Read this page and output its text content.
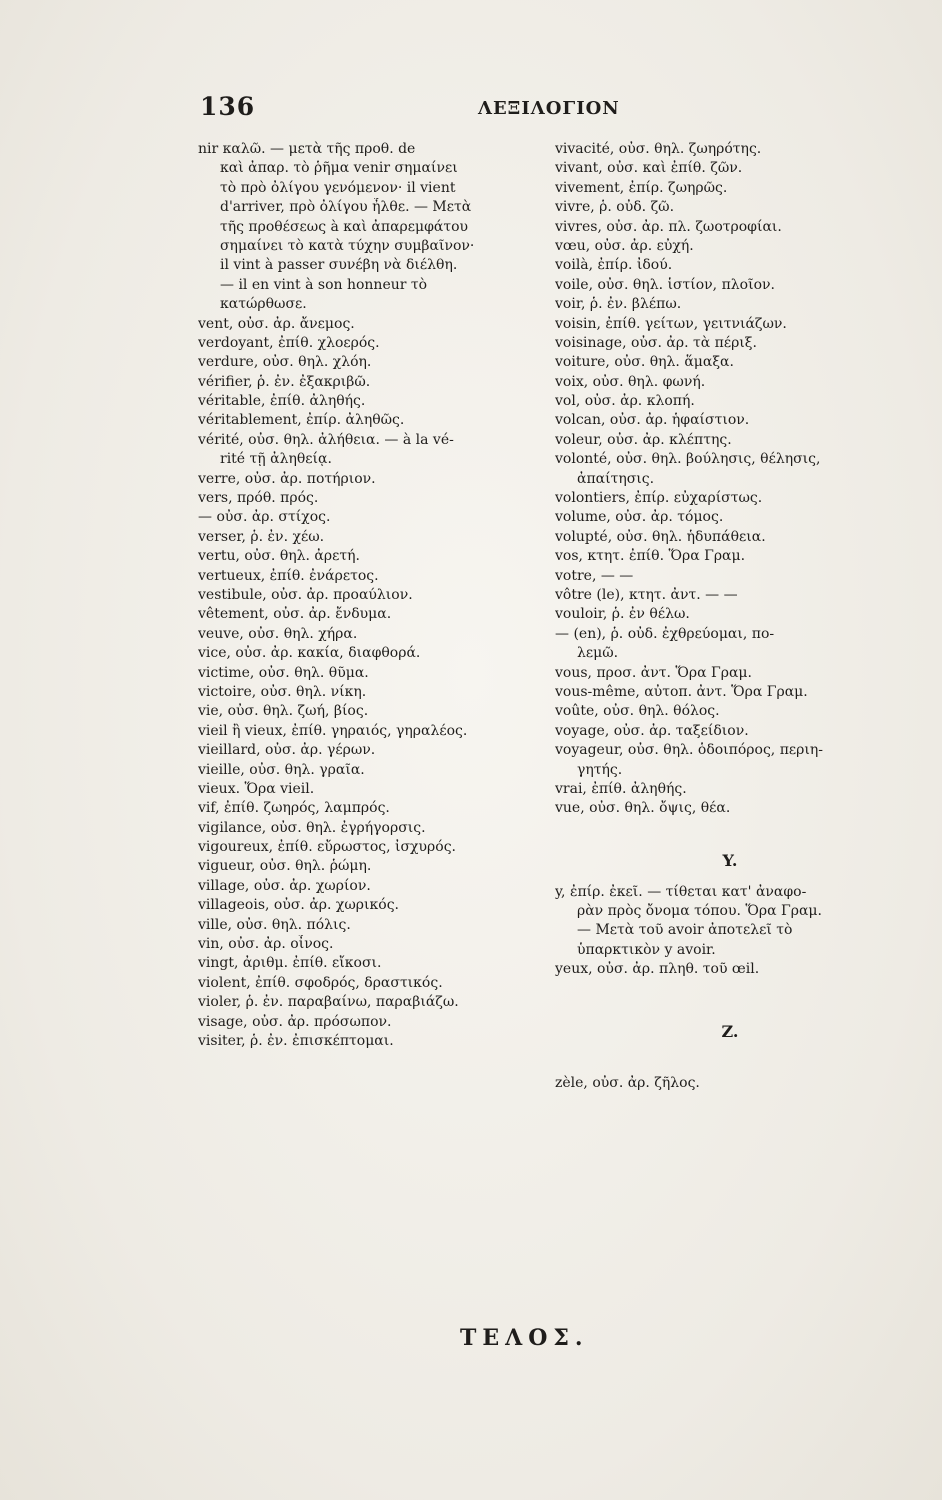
136	ΛΕΞΙΛΟΓΙΟΝ
nir καλῶ. — μετὰ τῆς προθ. de
καὶ ἀπαρ. τὸ ῥῆμα venir σημαίνει
τὸ πρὸ ὀλίγου γενόμενον· il vient
d'arriver, πρὸ ὀλίγου ἦλθε. — Μετὰ
τῆς προθέσεως à καὶ ἀπαρεμφάτου
σημαίνει τὸ κατὰ τύχην συμβαῖνον·
il vint à passer συνέβη νὰ διέλθη.
— il en vint à son honneur τὸ
κατώρθωσε.
vent, οὐσ. ἀρ. ἄνεμος.
verdoyant, ἐπίθ. χλοερός.
verdure, οὐσ. θηλ. χλόη.
vérifier, ῥ. ἐν. ἐξακριβῶ.
véritable, ἐπίθ. ἀληθής.
véritablement, ἐπίρ. ἀληθῶς.
vérité, οὐσ. θηλ. ἀλήθεια. — à la vé-
rité τῇ ἀληθείᾳ.
verre, οὐσ. ἀρ. ποτήριον.
vers, πρόθ. πρός.
— οὐσ. ἀρ. στίχος.
verser, ῥ. ἐν. χέω.
vertu, οὐσ. θηλ. ἀρετή.
vertueux, ἐπίθ. ἐνάρετος.
vestibule, οὐσ. ἀρ. προαύλιον.
vêtement, οὐσ. ἀρ. ἔνδυμα.
veuve, οὐσ. θηλ. χήρα.
vice, οὐσ. ἀρ. κακία, διαφθορά.
victime, οὐσ. θηλ. θῦμα.
victoire, οὐσ. θηλ. νίκη.
vie, οὐσ. θηλ. ζωή, βίος.
vieil ἢ vieux, ἐπίθ. γηραιός, γηραλέος.
vieillard, οὐσ. ἀρ. γέρων.
vieille, οὐσ. θηλ. γραῖα.
vieux. Ὅρα vieil.
vif, ἐπίθ. ζωηρός, λαμπρός.
vigilance, οὐσ. θηλ. ἐγρήγορσις.
vigoureux, ἐπίθ. εὔρωστος, ἰσχυρός.
vigueur, οὐσ. θηλ. ῥώμη.
village, οὐσ. ἀρ. χωρίον.
villageois, οὐσ. ἀρ. χωρικός.
ville, οὐσ. θηλ. πόλις.
vin, οὐσ. ἀρ. οἶνος.
vingt, ἀριθμ. ἐπίθ. εἴκοσι.
violent, ἐπίθ. σφοδρός, δραστικός.
violer, ῥ. ἐν. παραβαίνω, παραβιάζω.
visage, οὐσ. ἀρ. πρόσωπον.
visiter, ῥ. ἐν. ἐπισκέπτομαι.
vivacité, οὐσ. θηλ. ζωηρότης.
vivant, οὐσ. καὶ ἐπίθ. ζῶν.
vivement, ἐπίρ. ζωηρῶς.
vivre, ῥ. οὐδ. ζῶ.
vivres, οὐσ. ἀρ. πλ. ζωοτροφίαι.
vœu, οὐσ. ἀρ. εὐχή.
voilà, ἐπίρ. ἰδού.
voile, οὐσ. θηλ. ἱστίον, πλοῖον.
voir, ῥ. ἐν. βλέπω.
voisin, ἐπίθ. γείτων, γειτνιάζων.
voisinage, οὐσ. ἀρ. τὰ πέριξ.
voiture, οὐσ. θηλ. ἅμαξα.
voix, οὐσ. θηλ. φωνή.
vol, οὐσ. ἀρ. κλοπή.
volcan, οὐσ. ἀρ. ἡφαίστιον.
voleur, οὐσ. ἀρ. κλέπτης.
volonté, οὐσ. θηλ. βούλησις, θέλησις,
ἀπαίτησις.
volontiers, ἐπίρ. εὐχαρίστως.
volume, οὐσ. ἀρ. τόμος.
volupté, οὐσ. θηλ. ἡδυπάθεια.
vos, κτητ. ἐπίθ. Ὅρα Γραμ.
votre, — —
vôtre (le), κτητ. ἀντ. — —
vouloir, ῥ. ἐν θέλω.
— (en), ῥ. οὐδ. ἐχθρεύομαι, πο-
λεμῶ.
vous, προσ. ἀντ. Ὅρα Γραμ.
vous-même, αὐτοπ. ἀντ. Ὅρα Γραμ.
voûte, οὐσ. θηλ. θόλος.
voyage, οὐσ. ἀρ. ταξείδιον.
voyageur, οὐσ. θηλ. ὁδοιπόρος, περιη-
γητής.
vrai, ἐπίθ. ἀληθής.
vue, οὐσ. θηλ. ὄψις, θέα.
Y.
y, ἐπίρ. ἐκεῖ. — τίθεται κατ' ἀναφο-
ρὰν πρὸς ὄνομα τόπου. Ὅρα Γραμ.
— Μετὰ τοῦ avoir ἀποτελεῖ τὸ
ὑπαρκτικὸν y avoir.
yeux, οὐσ. ἀρ. πληθ. τοῦ œil.
Z.
zèle, οὐσ. ἀρ. ζῆλος.
ΤΕΛΟΣ.
